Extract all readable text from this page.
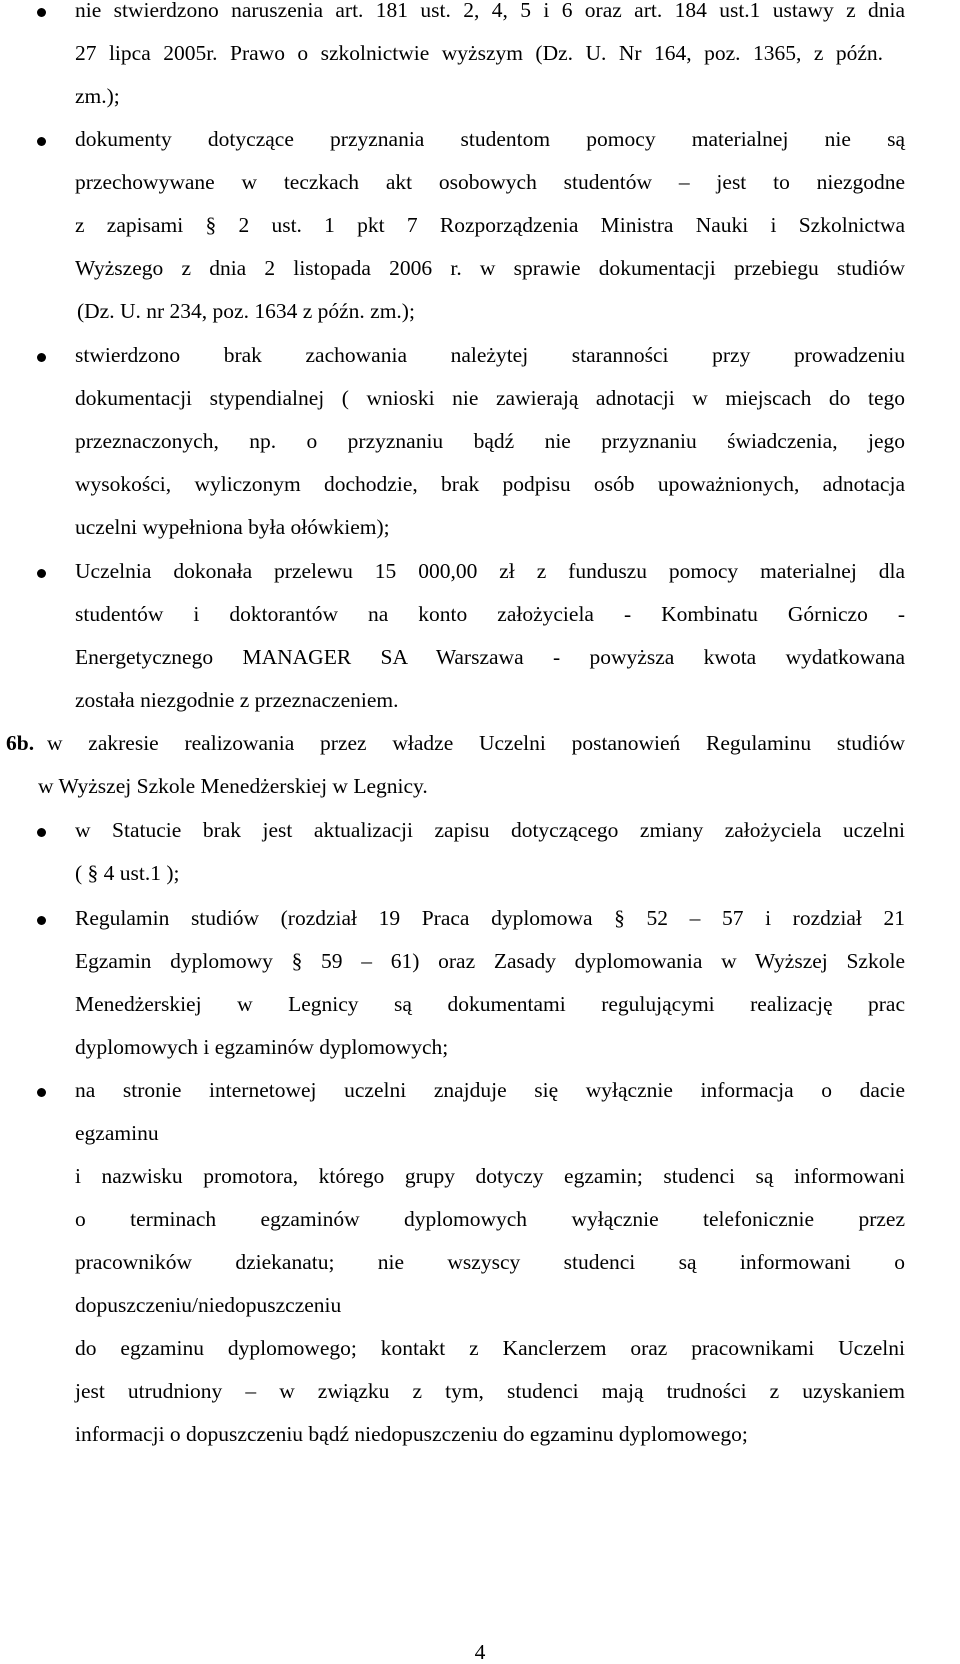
nie stwierdzono naruszenia art. 181 ust. 2, 4, 5 i 6 oraz art. 184 ust.1 ustawy z dnia
27 lipca 2005r. Prawo o szkolnictwie wyższym (Dz. U. Nr 164, poz. 1365, z późn.
zm.);
dokumenty dotyczące przyznania studentom pomocy materialnej nie są
przechowywane w teczkach akt osobowych studentów – jest to niezgodne
z zapisami § 2 ust. 1 pkt 7 Rozporządzenia Ministra Nauki i Szkolnictwa
Wyższego z dnia 2 listopada 2006 r. w sprawie dokumentacji przebiegu studiów
(Dz. U. nr 234, poz. 1634 z późn. zm.);
stwierdzono brak zachowania należytej staranności przy prowadzeniu
dokumentacji stypendialnej ( wnioski nie zawierają adnotacji w miejscach do tego
przeznaczonych, np. o przyznaniu bądź nie przyznaniu świadczenia, jego
wysokości, wyliczonym dochodzie, brak podpisu osób upoważnionych, adnotacja
uczelni wypełniona była ołówkiem);
Uczelnia dokonała przelewu 15 000,00 zł z funduszu pomocy materialnej dla
studentów i doktorantów na konto założyciela - Kombinatu Górniczo -
Energetycznego MANAGER SA Warszawa - powyższa kwota wydatkowana
została niezgodnie z przeznaczeniem.
6b. w zakresie realizowania przez władze Uczelni postanowień Regulaminu studiów
w Wyższej Szkole Menedżerskiej w Legnicy.
w Statucie brak jest aktualizacji zapisu dotyczącego zmiany założyciela uczelni
( § 4 ust.1 );
Regulamin studiów (rozdział 19 Praca dyplomowa § 52 – 57 i rozdział 21
Egzamin dyplomowy § 59 – 61) oraz Zasady dyplomowania w Wyższej Szkole
Menedżerskiej w Legnicy są dokumentami regulującymi realizację prac
dyplomowych i egzaminów dyplomowych;
na stronie internetowej uczelni znajduje się wyłącznie informacja o dacie
egzaminu
i nazwisku promotora, którego grupy dotyczy egzamin; studenci są informowani
o terminach egzaminów dyplomowych wyłącznie telefonicznie przez
pracowników dziekanatu; nie wszyscy studenci są informowani o
dopuszczeniu/niedopuszczeniu
do egzaminu dyplomowego; kontakt z Kanclerzem oraz pracownikami Uczelni
jest utrudniony – w związku z tym, studenci mają trudności z uzyskaniem
informacji o dopuszczeniu bądź niedopuszczeniu do egzaminu dyplomowego;
4
